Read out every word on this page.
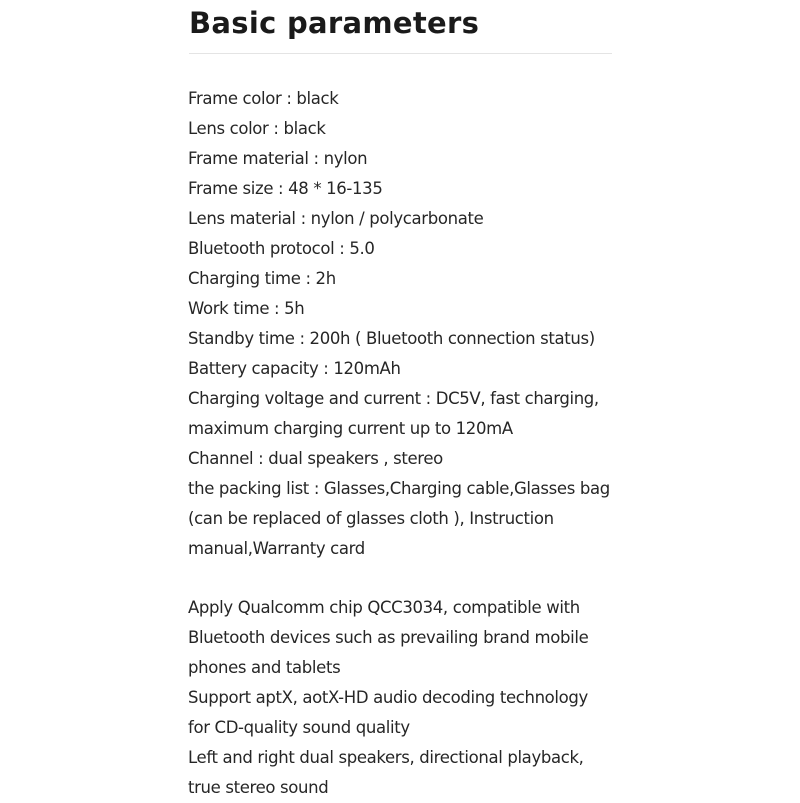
Basic parameters
Frame color : black
Lens color : black
Frame material : nylon
Frame size : 48 * 16-135
Lens material : nylon / polycarbonate
Bluetooth protocol : 5.0
Charging time : 2h
Work time : 5h
Standby time : 200h ( Bluetooth connection status)
Battery capacity : 120mAh
Charging voltage and current : DC5V, fast charging,
maximum charging current up to 120mA
Channel : dual speakers , stereo
the packing list : Glasses,Charging cable,Glasses bag
(can be replaced of glasses cloth ), Instruction
manual,Warranty card
Apply Qualcomm chip QCC3034, compatible with
Bluetooth devices such as prevailing brand mobile
phones and tablets
Support aptX, aotX-HD audio decoding technology
for CD-quality sound quality
Left and right dual speakers, directional playback,
true stereo sound
